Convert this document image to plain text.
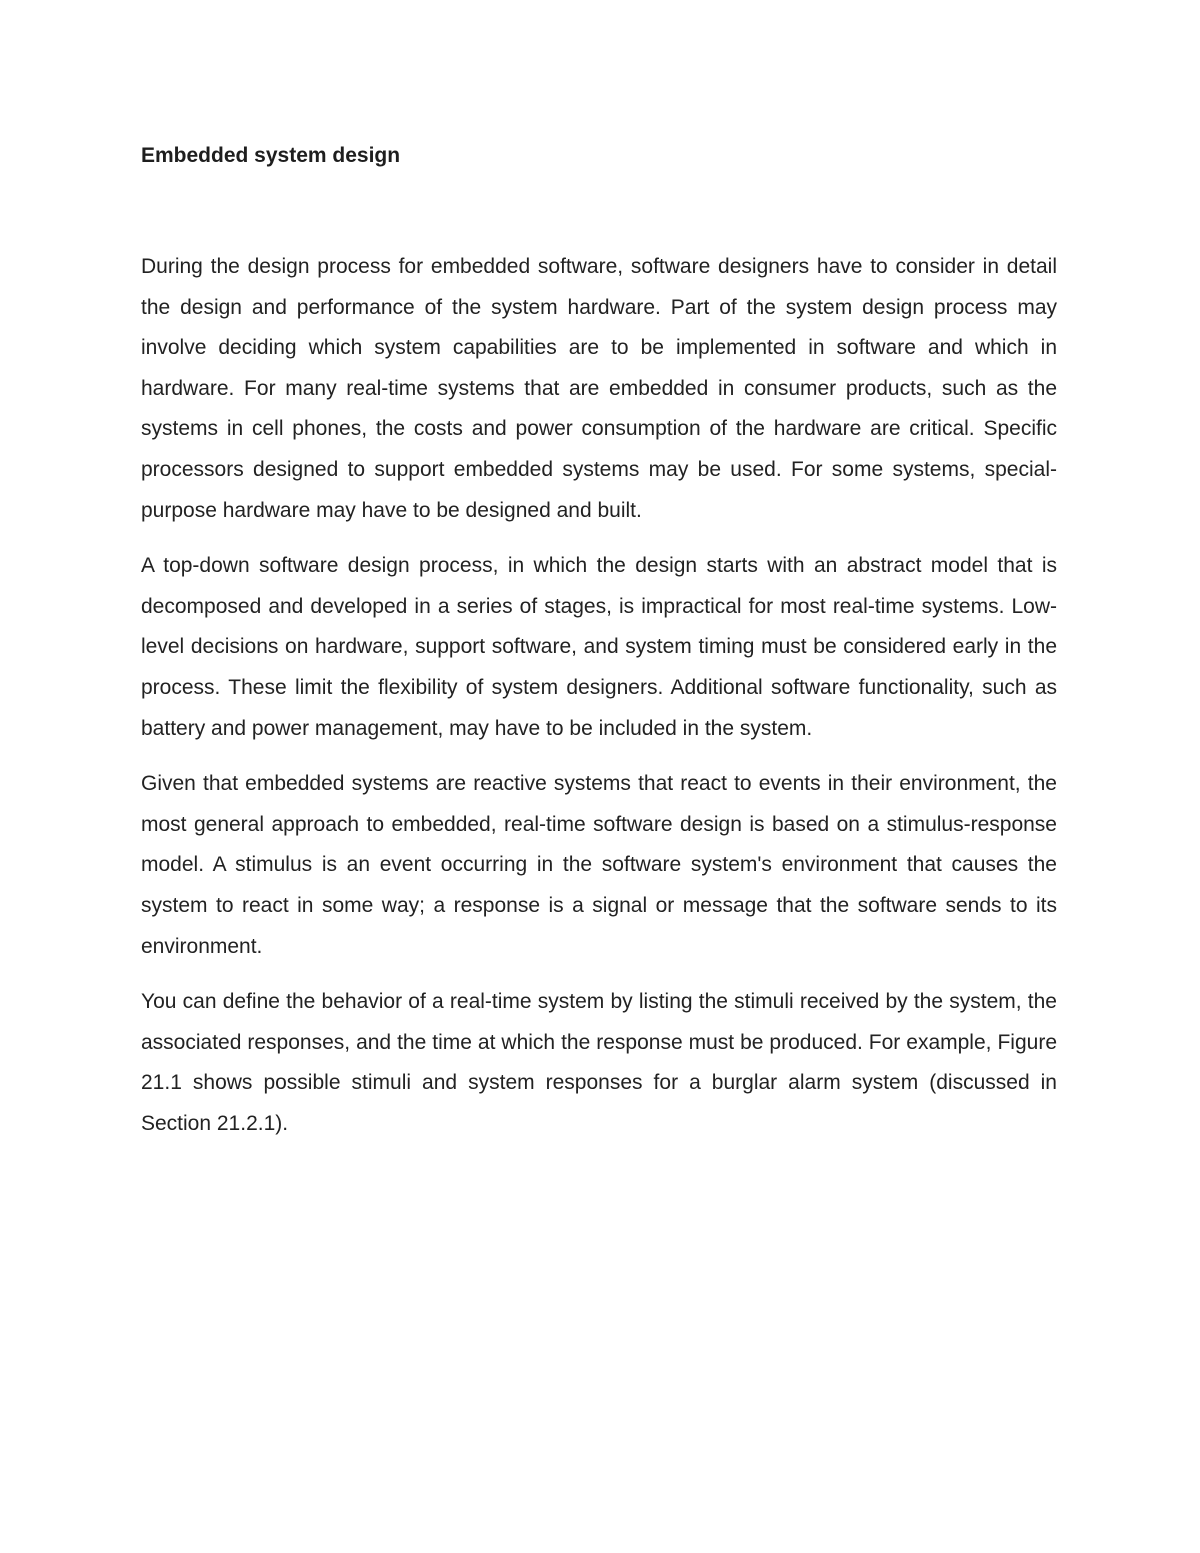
Embedded system design

During the design process for embedded software, software designers have to consider in detail the design and performance of the system hardware. Part of the system design process may involve deciding which system capabilities are to be implemented in software and which in hardware. For many real-time systems that are embedded in consumer products, such as the systems in cell phones, the costs and power consumption of the hardware are critical. Specific processors designed to support embedded systems may be used. For some systems, special-purpose hardware may have to be designed and built.

A top-down software design process, in which the design starts with an abstract model that is decomposed and developed in a series of stages, is impractical for most real-time systems. Low-level decisions on hardware, support software, and system timing must be considered early in the process. These limit the flexibility of system designers. Additional software functionality, such as battery and power management, may have to be included in the system.

Given that embedded systems are reactive systems that react to events in their environment, the most general approach to embedded, real-time software design is based on a stimulus-response model. A stimulus is an event occurring in the software system's environment that causes the system to react in some way; a response is a signal or message that the software sends to its environment.

You can define the behavior of a real-time system by listing the stimuli received by the system, the associated responses, and the time at which the response must be produced. For example, Figure 21.1 shows possible stimuli and system responses for a burglar alarm system (discussed in Section 21.2.1).
